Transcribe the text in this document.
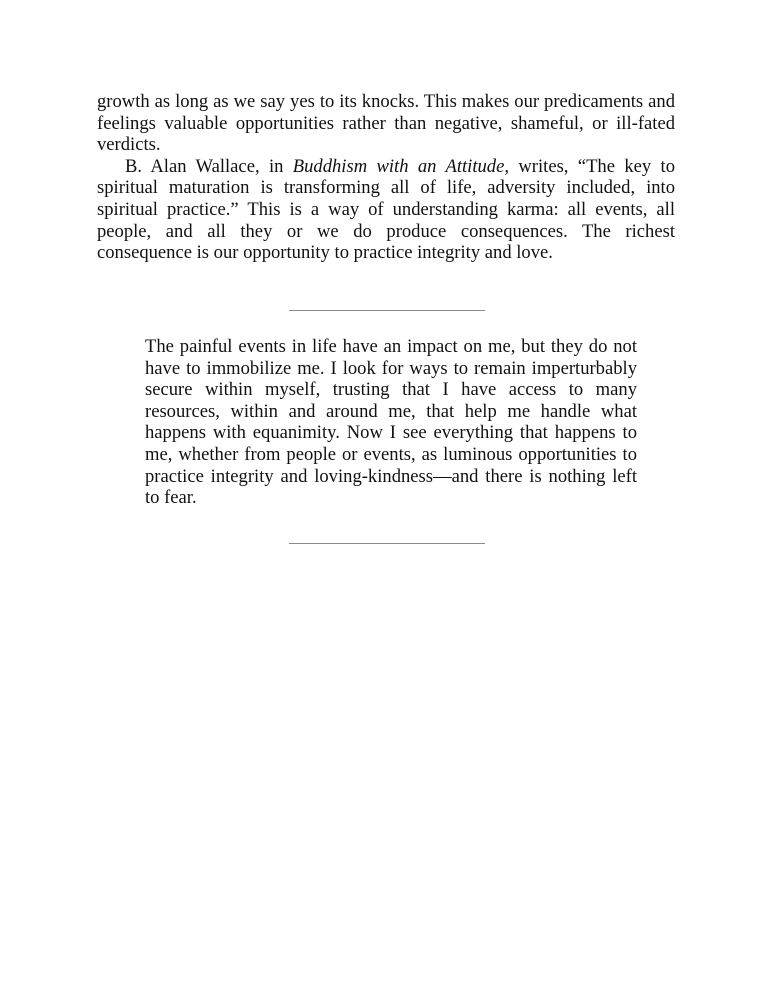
growth as long as we say yes to its knocks. This makes our predicaments and feelings valuable opportunities rather than negative, shameful, or ill-fated verdicts.

B. Alan Wallace, in Buddhism with an Attitude, writes, “The key to spiritual maturation is transforming all of life, adversity included, into spiritual practice.” This is a way of understanding karma: all events, all people, and all they or we do produce consequences. The richest consequence is our opportunity to practice integrity and love.

The painful events in life have an impact on me, but they do not have to immobilize me. I look for ways to remain imperturbably secure within myself, trusting that I have access to many resources, within and around me, that help me handle what happens with equanimity. Now I see everything that happens to me, whether from people or events, as luminous opportunities to practice integrity and loving-kindness—and there is nothing left to fear.
